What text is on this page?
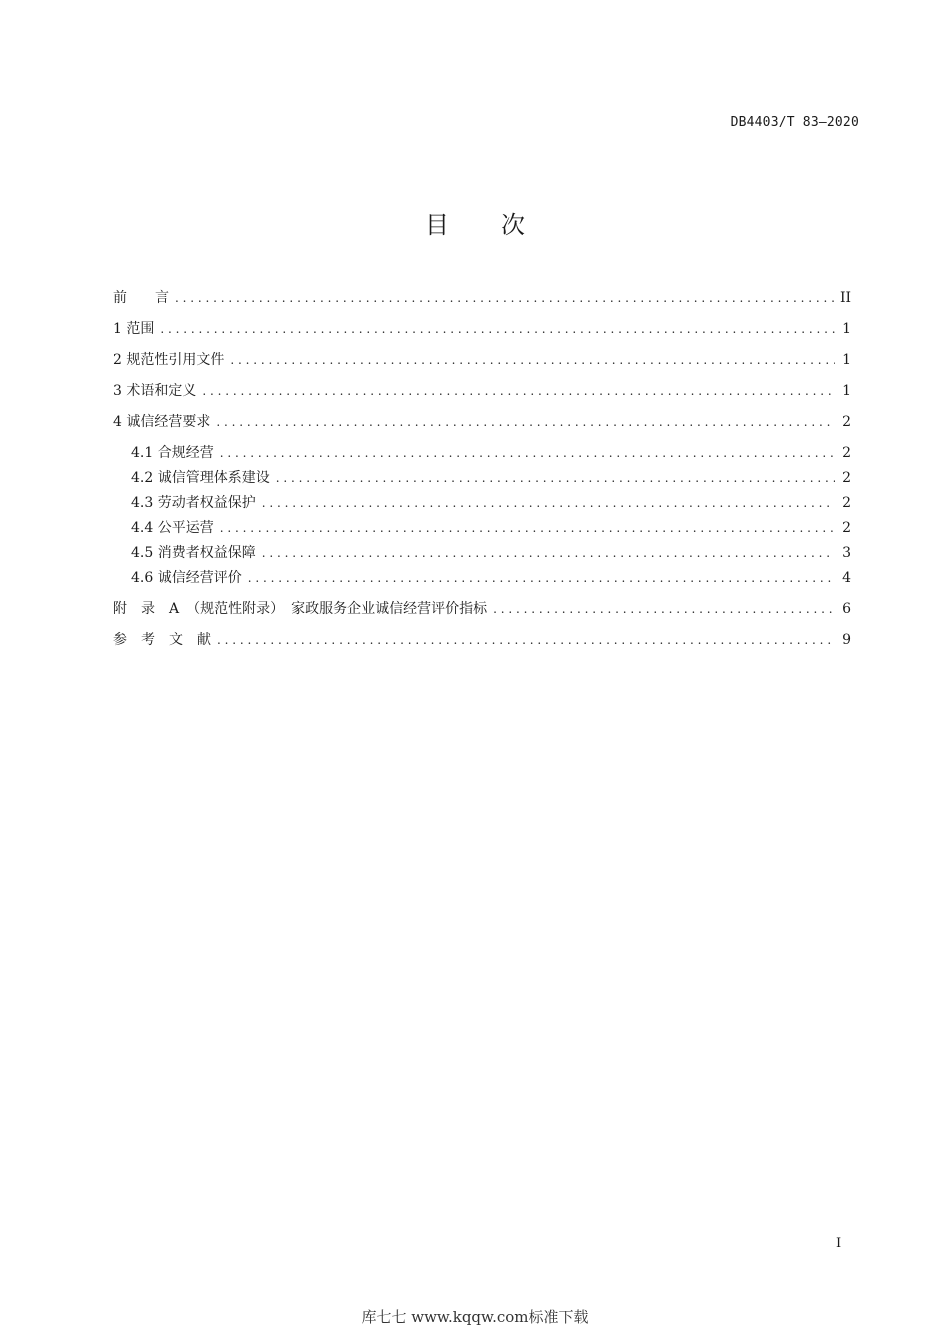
DB4403/T 83—2020
目 次
前　　言 . . .	II
1 范围 . . .	1
2 规范性引用文件 . . .	1
3 术语和定义 . . .	1
4 诚信经营要求 . . .	2
4.1 合规经营 . . .	2
4.2 诚信管理体系建设 . . .	2
4.3 劳动者权益保护 . . .	2
4.4 公平运营 . . .	2
4.5 消费者权益保障 . . .	3
4.6 诚信经营评价 . . .	4
附　录　A　（规范性附录）　家政服务企业诚信经营评价指标 . . .	6
参　考　文　献 . . .	9
I
库七七 www.kqqw.com标准下载
